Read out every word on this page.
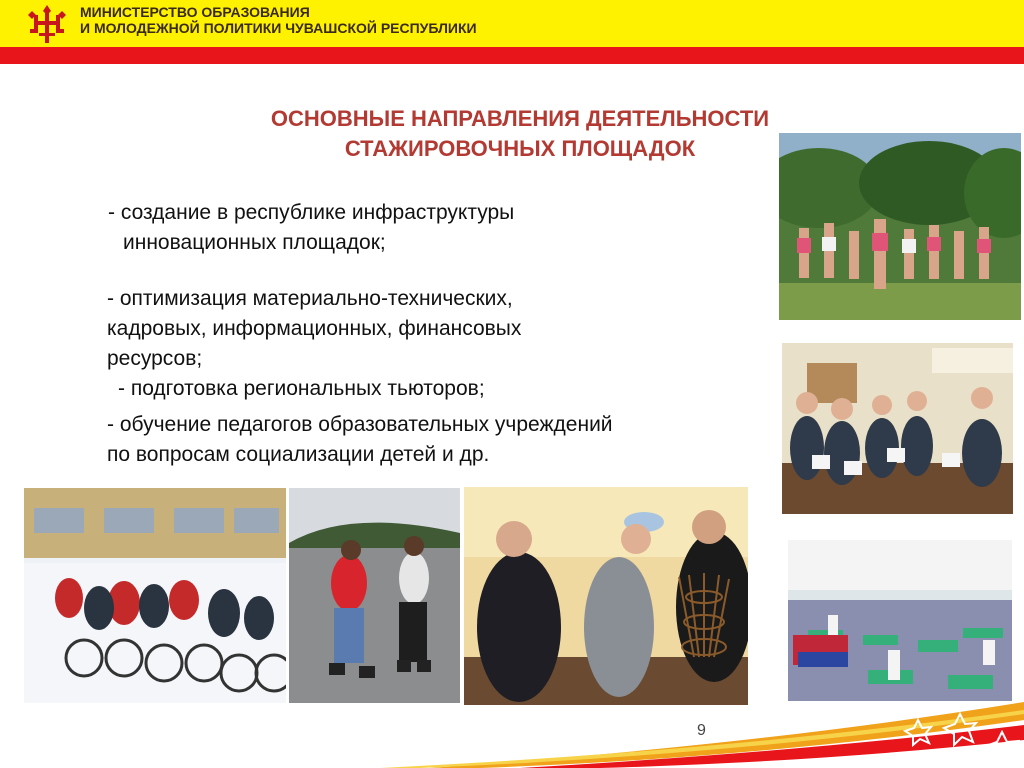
МИНИСТЕРСТВО ОБРАЗОВАНИЯ
И МОЛОДЕЖНОЙ ПОЛИТИКИ ЧУВАШСКОЙ РЕСПУБЛИКИ
ОСНОВНЫЕ НАПРАВЛЕНИЯ ДЕЯТЕЛЬНОСТИ
СТАЖИРОВОЧНЫХ ПЛОЩАДОК
- создание в республике инфраструктуры
инновационных площадок;
- оптимизация материально-технических,
кадровых, информационных, финансовых
ресурсов;
- подготовка региональных тьюторов;
- обучение педагогов образовательных учреждений
по вопросам социализации детей и др.
9
